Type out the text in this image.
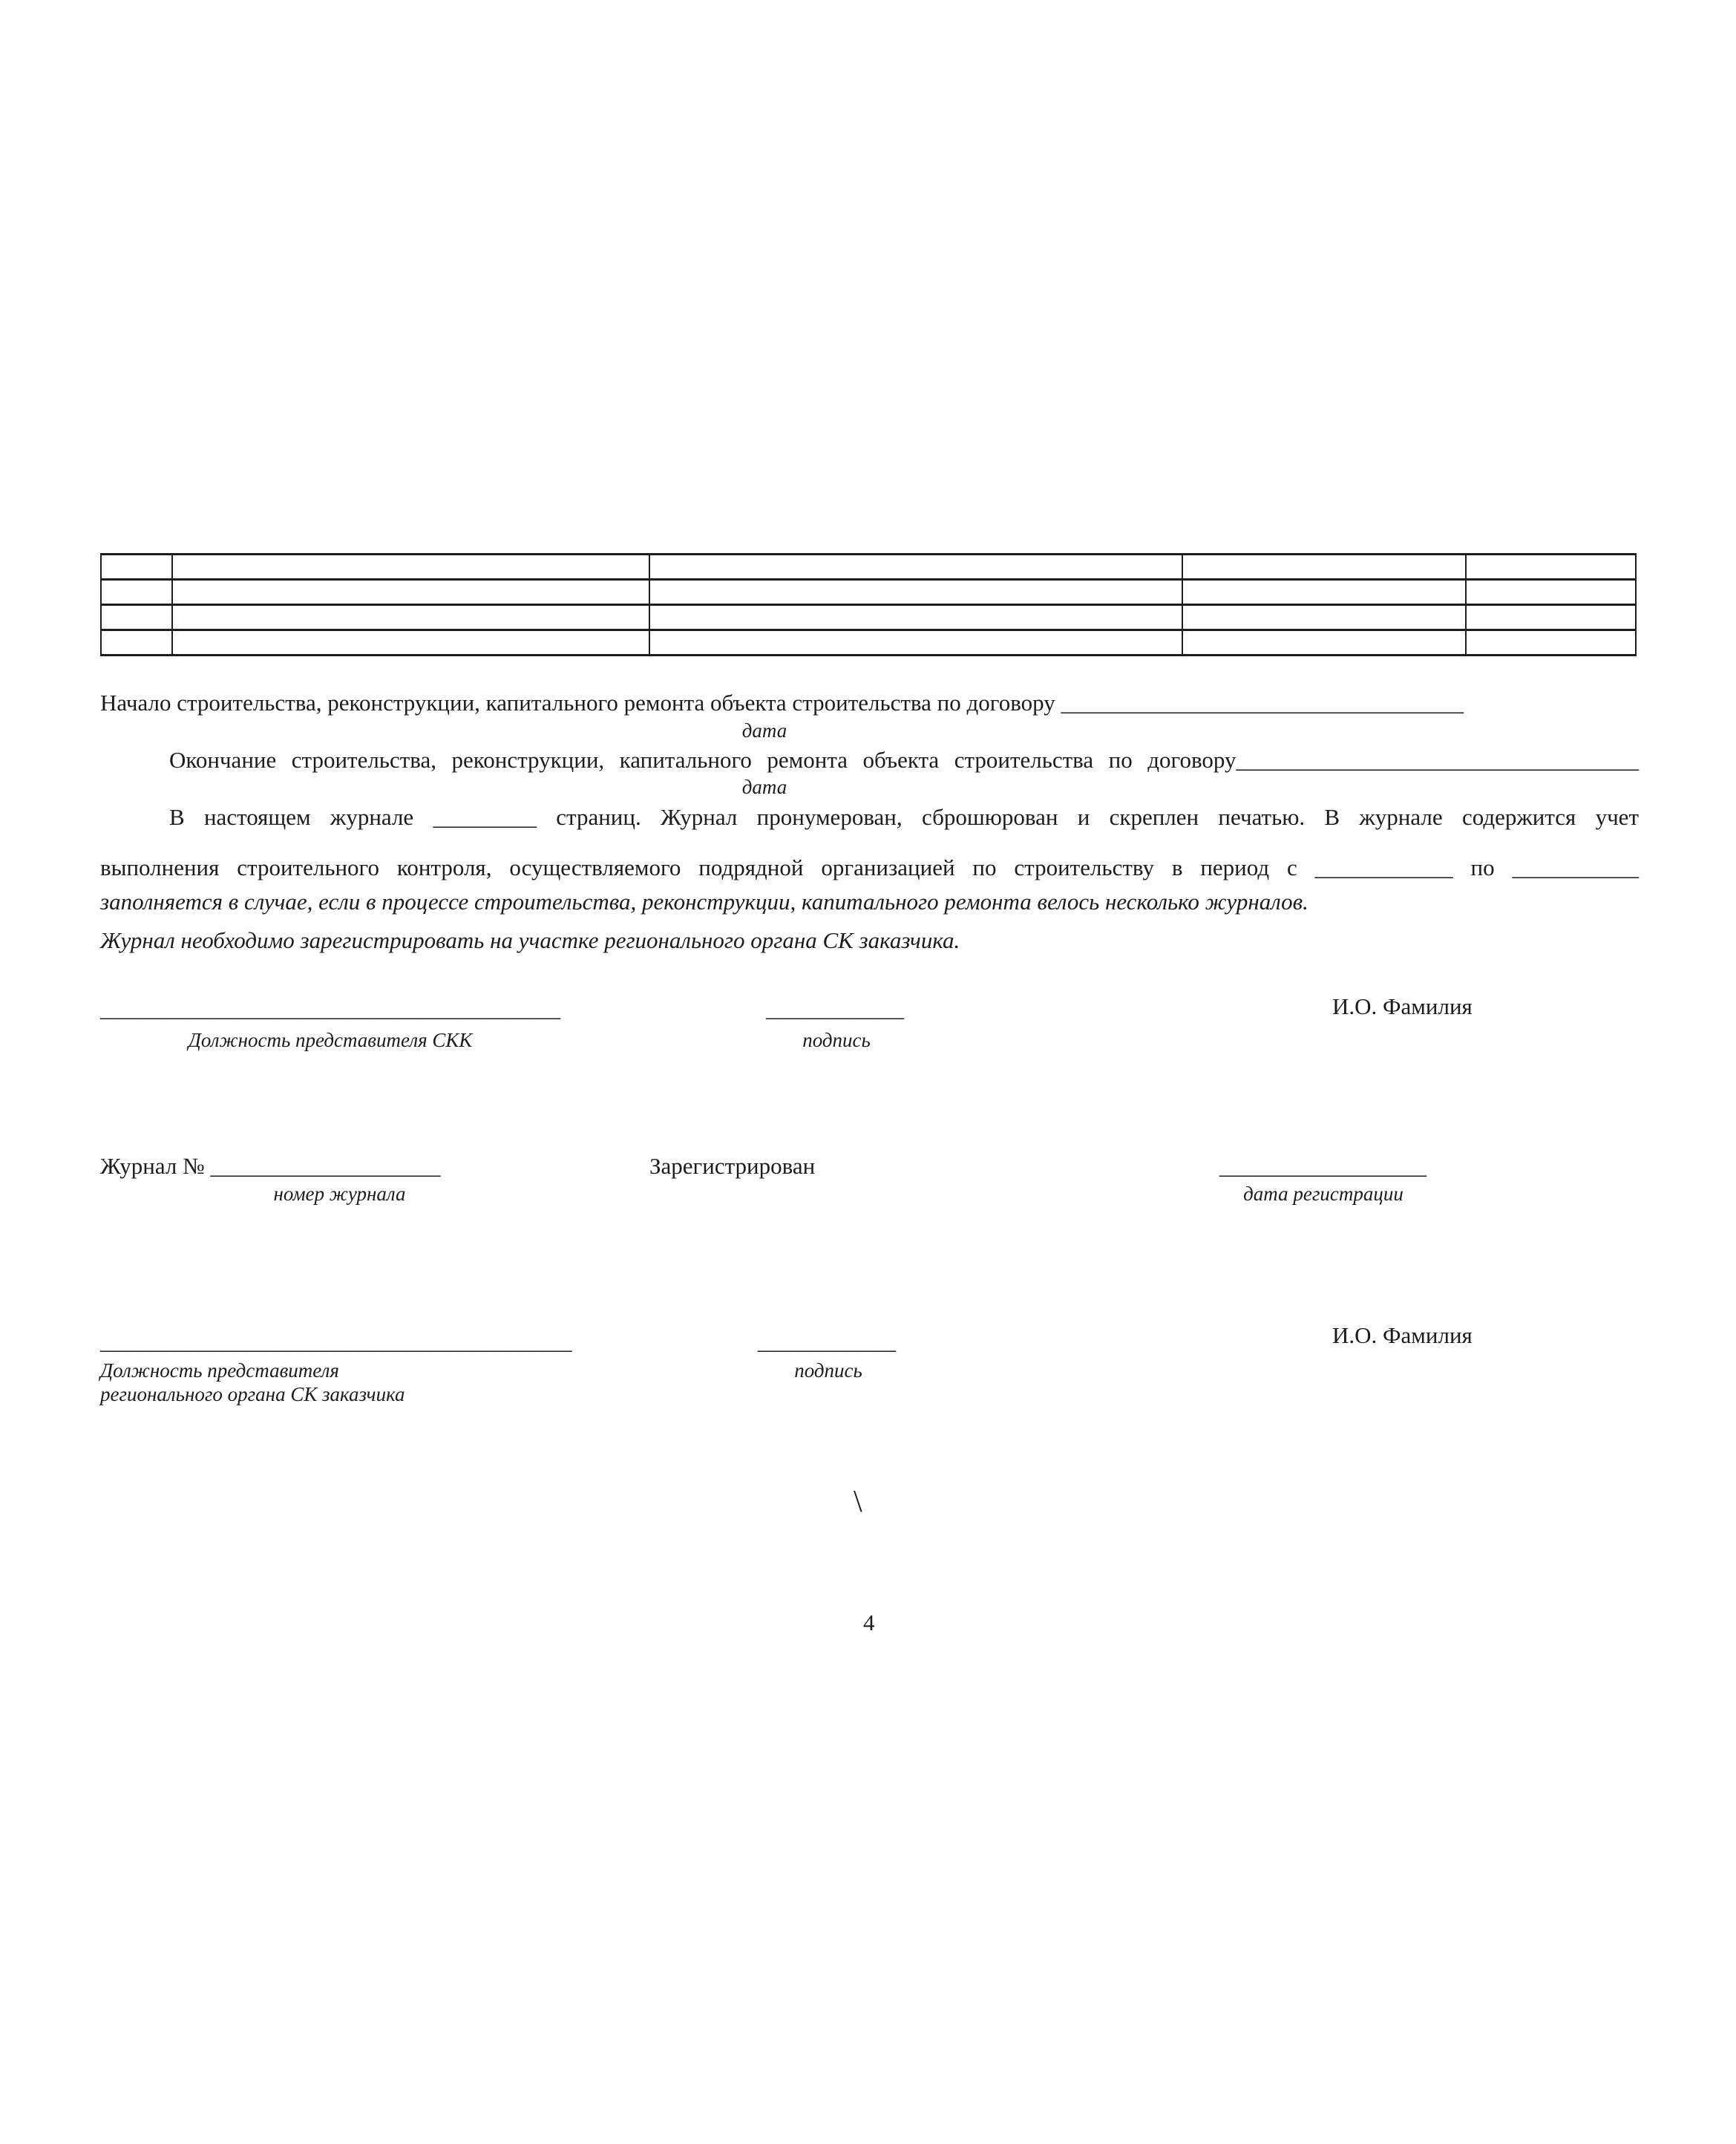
Начало строительства, реконструкции, капитального ремонта объекта строительства по договору ___________________________________
дата
Окончание строительства, реконструкции, капитального ремонта объекта строительства по договору___________________________________
дата
В настоящем журнале _________ страниц. Журнал пронумерован, сброшюрован и скреплен печатью. В журнале содержится учет
выполнения строительного контроля, осуществляемого подрядной организацией по строительству в период с ____________ по ___________
заполняется в случае, если в процессе строительства, реконструкции, капитального ремонта велось несколько журналов.
Журнал необходимо зарегистрировать на участке регионального органа СК заказчика.
И.О. Фамилия
________________________________________	____________
Должность представителя СКК	подпись
Журнал № ____________________
номер журнала
Зарегистрирован	__________________
дата регистрации
И.О. Фамилия
_________________________________________	____________
Должность представителя
регионального органа СК заказчика
подпись
\
4
